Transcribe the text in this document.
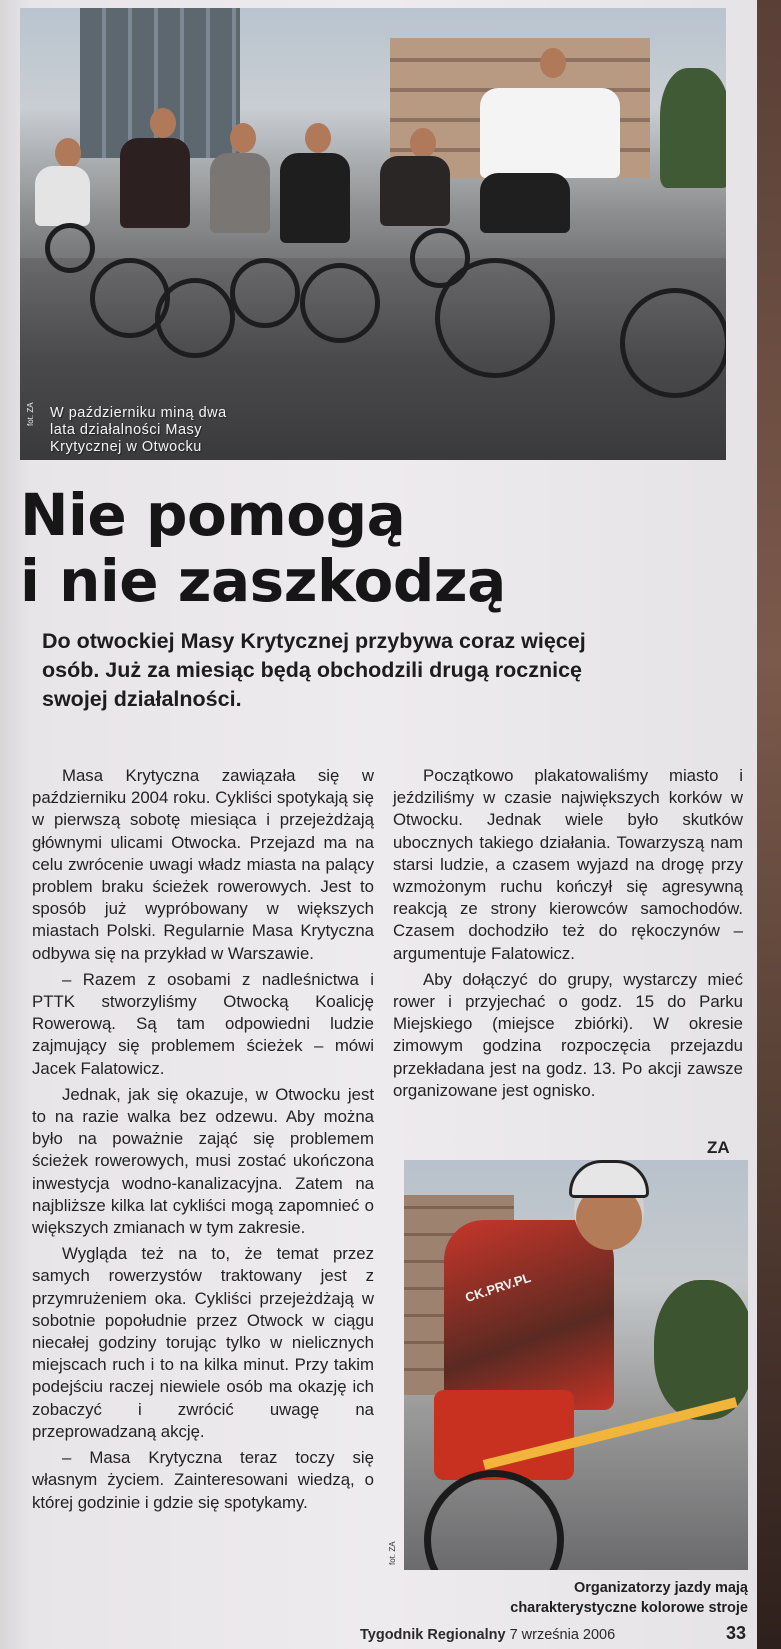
W październiku miną dwa
lata działalności Masy
Krytycznej w Otwocku
fot. ZA
Nie pomogą
i nie zaszkodzą
Do otwockiej Masy Krytycznej przybywa coraz więcej
osób. Już za miesiąc będą obchodzili drugą rocznicę
swojej działalności.

Masa Krytyczna zawiązała się w październiku 2004 roku. Cykliści spotykają się w pierwszą sobotę miesiąca i przejeżdżają głównymi ulicami Otwocka. Przejazd ma na celu zwrócenie uwagi władz miasta na palący problem braku ścieżek rowerowych. Jest to sposób już wypróbowany w większych miastach Polski. Regularnie Masa Krytyczna odbywa się na przykład w Warszawie.

– Razem z osobami z nadleśnictwa i PTTK stworzyliśmy Otwocką Koalicję Rowerową. Są tam odpowiedni ludzie zajmujący się problemem ścieżek – mówi Jacek Falatowicz.

Jednak, jak się okazuje, w Otwocku jest to na razie walka bez odzewu. Aby można było na poważnie zająć się problemem ścieżek rowerowych, musi zostać ukończona inwestycja wodno-kanalizacyjna. Zatem na najbliższe kilka lat cykliści mogą zapomnieć o większych zmianach w tym zakresie.

Wygląda też na to, że temat przez samych rowerzystów traktowany jest z przymrużeniem oka. Cykliści przejeżdżają w sobotnie popołudnie przez Otwock w ciągu niecałej godziny torując tylko w nielicznych miejscach ruch i to na kilka minut. Przy takim podejściu raczej niewiele osób ma okazję ich zobaczyć i zwrócić uwagę na przeprowadzaną akcję.

– Masa Krytyczna teraz toczy się własnym życiem. Zainteresowani wiedzą, o której godzinie i gdzie się spotykamy.

Początkowo plakatowaliśmy miasto i jeździliśmy w czasie największych korków w Otwocku. Jednak wiele było skutków ubocznych takiego działania. Towarzyszą nam starsi ludzie, a czasem wyjazd na drogę przy wzmożonym ruchu kończył się agresywną reakcją ze strony kierowców samochodów. Czasem dochodziło też do rękoczynów – argumentuje Falatowicz.

Aby dołączyć do grupy, wystarczy mieć rower i przyjechać o godz. 15 do Parku Miejskiego (miejsce zbiórki). W okresie zimowym godzina rozpoczęcia przejazdu przekładana jest na godz. 13. Po akcji zawsze organizowane jest ognisko.

ZA
CK.PRV.PL
fot. ZA
Organizatorzy jazdy mają
charakterystyczne kolorowe stroje
Tygodnik Regionalny 7 września 2006	33
